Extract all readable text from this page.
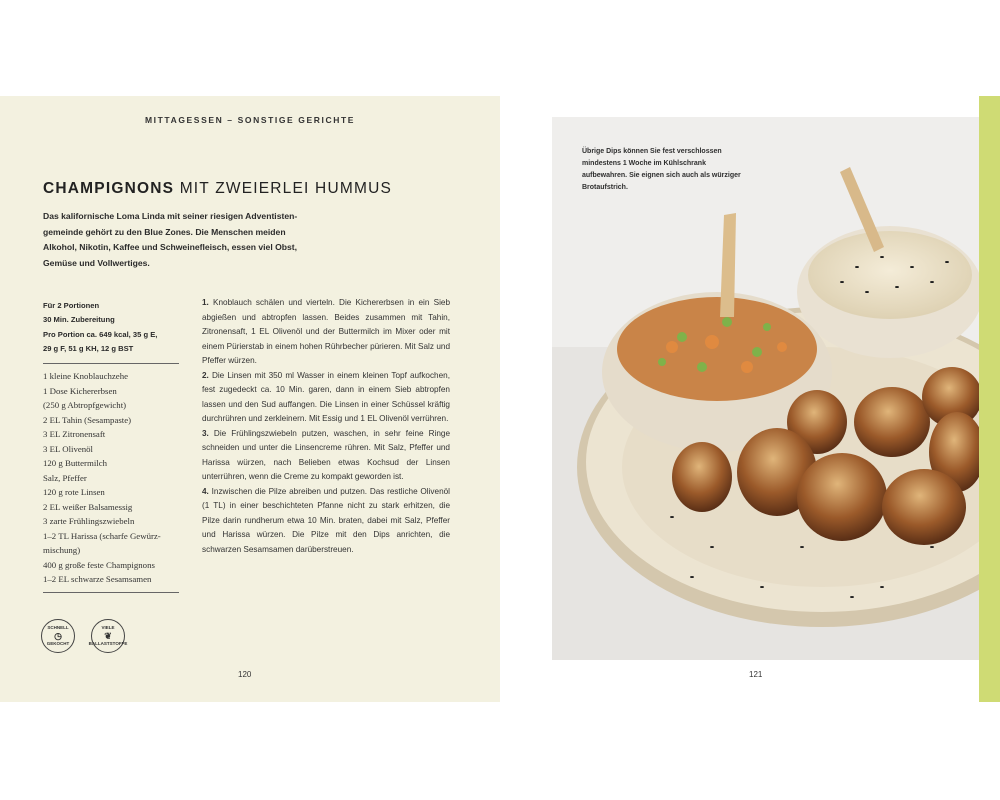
MITTAGESSEN – SONSTIGE GERICHTE
CHAMPIGNONS MIT ZWEIERLEI HUMMUS

Das kalifornische Loma Linda mit seiner riesigen Adventistengemeinde gehört zu den Blue Zones. Die Menschen meiden Alkohol, Nikotin, Kaffee und Schweinefleisch, essen viel Obst, Gemüse und Vollwertiges.

Für 2 Portionen
30 Min. Zubereitung
Pro Portion ca. 649 kcal, 35 g E,
29 g F, 51 g KH, 12 g BST
1 kleine Knoblauchzehe
1 Dose Kichererbsen
(250 g Abtropfgewicht)
2 EL Tahin (Sesampaste)
3 EL Zitronensaft
3 EL Olivenöl
120 g Buttermilch
Salz, Pfeffer
120 g rote Linsen
2 EL weißer Balsamessig
3 zarte Frühlingszwiebeln
1–2 TL Harissa (scharfe Gewürz-
mischung)
400 g große feste Champignons
1–2 EL schwarze Sesamsamen

1. Knoblauch schälen und vierteln. Die Kichererbsen in ein Sieb abgießen und abtropfen lassen. Beides zusammen mit Tahin, Zitronensaft, 1 EL Olivenöl und der Buttermilch im Mixer oder mit einem Pürierstab in einem hohen Rührbecher pürieren. Mit Salz und Pfeffer würzen.

2. Die Linsen mit 350 ml Wasser in einem kleinen Topf aufkochen, fest zugedeckt ca. 10 Min. garen, dann in einem Sieb abtropfen lassen und den Sud auffangen. Die Linsen in einer Schüssel kräftig durchrühren und zerkleinern. Mit Essig und 1 EL Olivenöl verrühren.

3. Die Frühlingszwiebeln putzen, waschen, in sehr feine Ringe schneiden und unter die Linsencreme rühren. Mit Salz, Pfeffer und Harissa würzen, nach Belieben etwas Kochsud der Linsen unterrühren, wenn die Creme zu kompakt geworden ist.

4. Inzwischen die Pilze abreiben und putzen. Das restliche Olivenöl (1 TL) in einer beschichteten Pfanne nicht zu stark erhitzen, die Pilze darin rundherum etwa 10 Min. braten, dabei mit Salz, Pfeffer und Harissa würzen. Die Pilze mit den Dips anrichten, die schwarzen Sesamsamen darüberstreuen.

SCHNELL
◷
GEKOCHT
VIELE
❦
BALLASTSTOFFE
120

Übrige Dips können Sie fest verschlossen mindestens 1 Woche im Kühlschrank aufbewahren. Sie eignen sich auch als würziger Brotaufstrich.

121
